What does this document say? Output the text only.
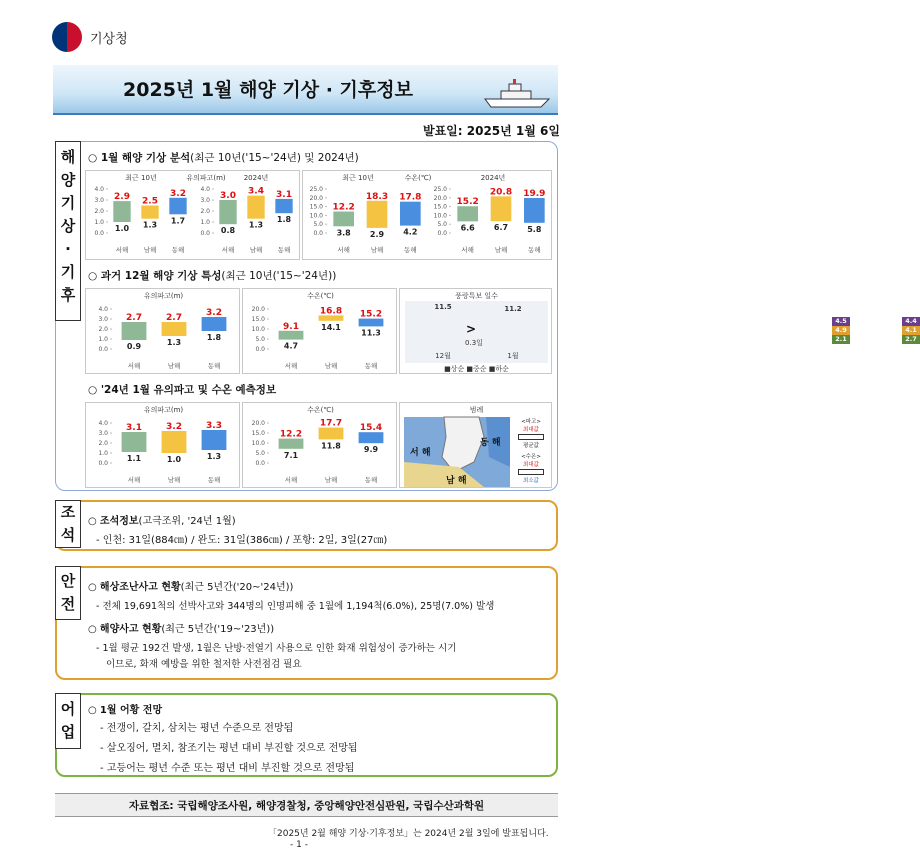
기상청
2025년 1월 해양 기상 · 기후정보
발표일: 2025년 1월 6일
해
양
기
상
·
기
후
○ 1월 해양 기상 분석(최근 10년('15~'24년) 및 2024년)
최근 10년	유의파고(m)	2024년
0.0
1.0
2.0
3.0
4.0
2.9
1.0
서해
2.5
1.3
남해
3.2
1.7
동해
0.0
1.0
2.0
3.0
4.0
3.0
0.8
서해
3.4
1.3
남해
3.1
1.8
동해
최근 10년	수온(℃)	2024년
0.0
5.0
10.0
15.0
20.0
25.0
12.2
3.8
서해
18.3
2.9
남해
17.8
4.2
동해
0.0
5.0
10.0
15.0
20.0
25.0
15.2
6.6
서해
20.8
6.7
남해
19.9
5.8
동해
○ 과거 12월 해양 기상 특성(최근 10년('15~'24년))
유의파고(m)
0.0
1.0
2.0
3.0
4.0
2.7
0.9
서해
2.7
1.3
남해
3.2
1.8
동해
수온(℃)
0.0
5.0
10.0
15.0
20.0
9.1
4.7
서해
16.8
14.1
남해
15.2
11.3
동해
풍랑특보 일수
11.5	11.2
2.1
4.9
4.5
2.7
4.1
4.4
>
0.3일
12월	1월
■상순 ■중순 ■하순
○ '24년 1월 유의파고 및 수온 예측정보
유의파고(m)
0.0
1.0
2.0
3.0
4.0 3.1
1.1
서해
3.2
1.0
남해
3.3
1.3
동해
수온(℃)
0.0
5.0
10.0
15.0
20.0
12.2
7.1
서해
17.7
11.8
남해
15.4
9.9
동해
범례
서 해
남 해
동 해
<파고>
최대값
평균값
<수온>
최대값
최소값
조
석
○ 조석정보(고극조위, '24년 1월)
- 인천: 31일(884㎝) / 완도: 31일(386㎝) / 포항: 2일, 3일(27㎝)
안
전
○ 해상조난사고 현황(최근 5년간('20~'24년))
- 전체 19,691척의 선박사고와 344명의 인명피해 중 1월에 1,194척(6.0%), 25명(7.0%) 발생
○ 해양사고 현황(최근 5년간('19~'23년))
- 1월 평균 192건 발생, 1월은 난방·전열기 사용으로 인한 화재 위험성이 증가하는 시기
이므로, 화재 예방을 위한 철저한 사전점검 필요
어
업
○ 1월 어황 전망
- 전갱이, 갈치, 삼치는 평년 수준으로 전망됨
- 살오징어, 멸치, 참조기는 평년 대비 부진할 것으로 전망됨
- 고등어는 평년 수준 또는 평년 대비 부진할 것으로 전망됨
자료협조: 국립해양조사원, 해양경찰청, 중앙해양안전심판원, 국립수산과학원
「2025년 2월 해양 기상·기후정보」는 2024년 2월 3일에 발표됩니다.
- 1 -
